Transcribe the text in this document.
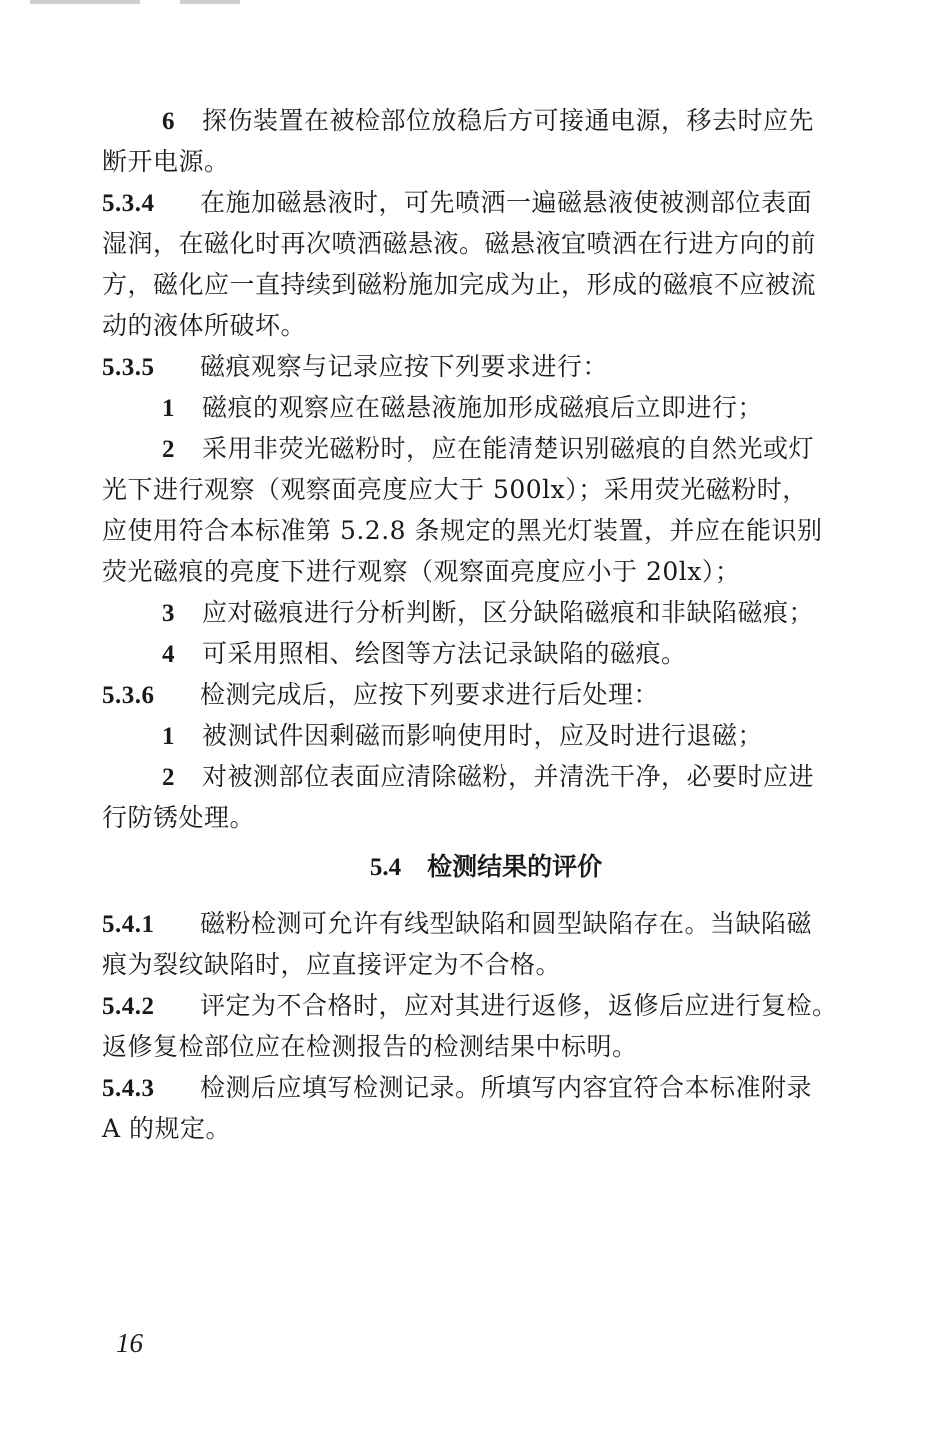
6 探伤装置在被检部位放稳后方可接通电源，移去时应先
断开电源。
5.3.4 在施加磁悬液时，可先喷洒一遍磁悬液使被测部位表面
湿润，在磁化时再次喷洒磁悬液。磁悬液宜喷洒在行进方向的前
方，磁化应一直持续到磁粉施加完成为止，形成的磁痕不应被流
动的液体所破坏。
5.3.5 磁痕观察与记录应按下列要求进行：
1 磁痕的观察应在磁悬液施加形成磁痕后立即进行；
2 采用非荧光磁粉时，应在能清楚识别磁痕的自然光或灯
光下进行观察（观察面亮度应大于 500lx）；采用荧光磁粉时，
应使用符合本标准第 5.2.8 条规定的黑光灯装置，并应在能识别
荧光磁痕的亮度下进行观察（观察面亮度应小于 20lx）；
3 应对磁痕进行分析判断，区分缺陷磁痕和非缺陷磁痕；
4 可采用照相、绘图等方法记录缺陷的磁痕。
5.3.6 检测完成后，应按下列要求进行后处理：
1 被测试件因剩磁而影响使用时，应及时进行退磁；
2 对被测部位表面应清除磁粉，并清洗干净，必要时应进
行防锈处理。
5.4 检测结果的评价
5.4.1 磁粉检测可允许有线型缺陷和圆型缺陷存在。当缺陷磁
痕为裂纹缺陷时，应直接评定为不合格。
5.4.2 评定为不合格时，应对其进行返修，返修后应进行复检。
返修复检部位应在检测报告的检测结果中标明。
5.4.3 检测后应填写检测记录。所填写内容宜符合本标准附录
A 的规定。
16
